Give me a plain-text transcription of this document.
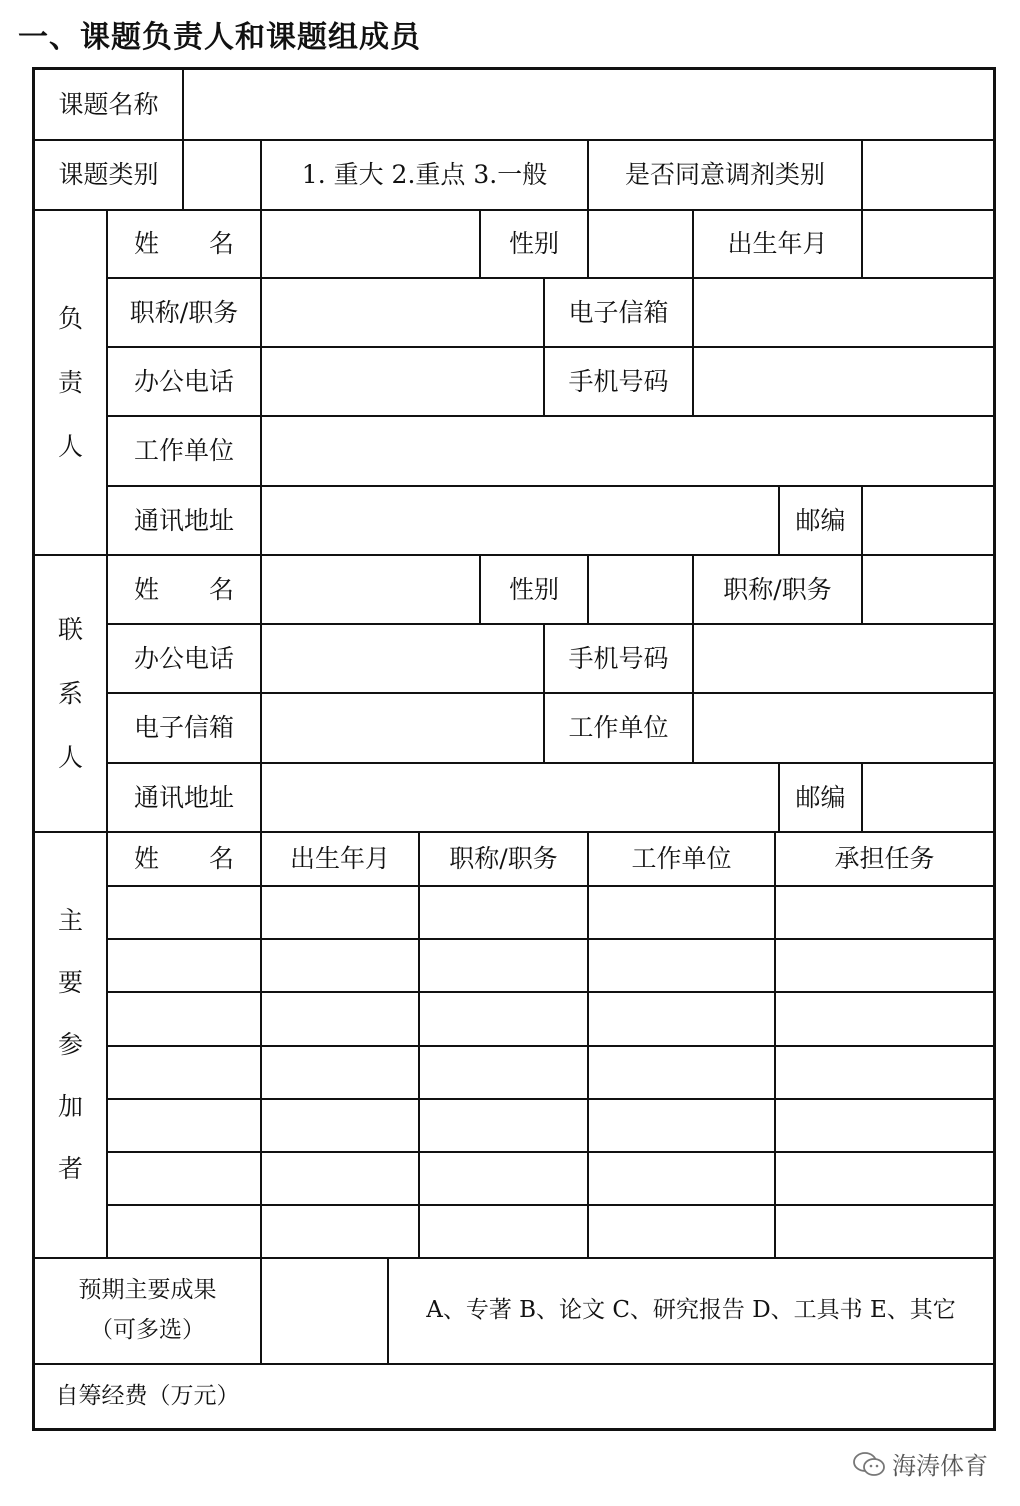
一、课题负责人和课题组成员
课题名称
课题类别	1. 重大 2.重点 3.一般	是否同意调剂类别
负
责
人
姓　　名	性别	出生年月
职称/职务	电子信箱
办公电话	手机号码
工作单位
通讯地址	邮编
联
系
人
姓　　名	性别	职称/职务
办公电话	手机号码
电子信箱	工作单位
通讯地址	邮编
主
要
参
加
者
姓　　名	出生年月	职称/职务	工作单位	承担任务
预期主要成果
（可多选）
A、专著 B、论文 C、研究报告 D、工具书 E、其它
自筹经费（万元）
海涛体育
